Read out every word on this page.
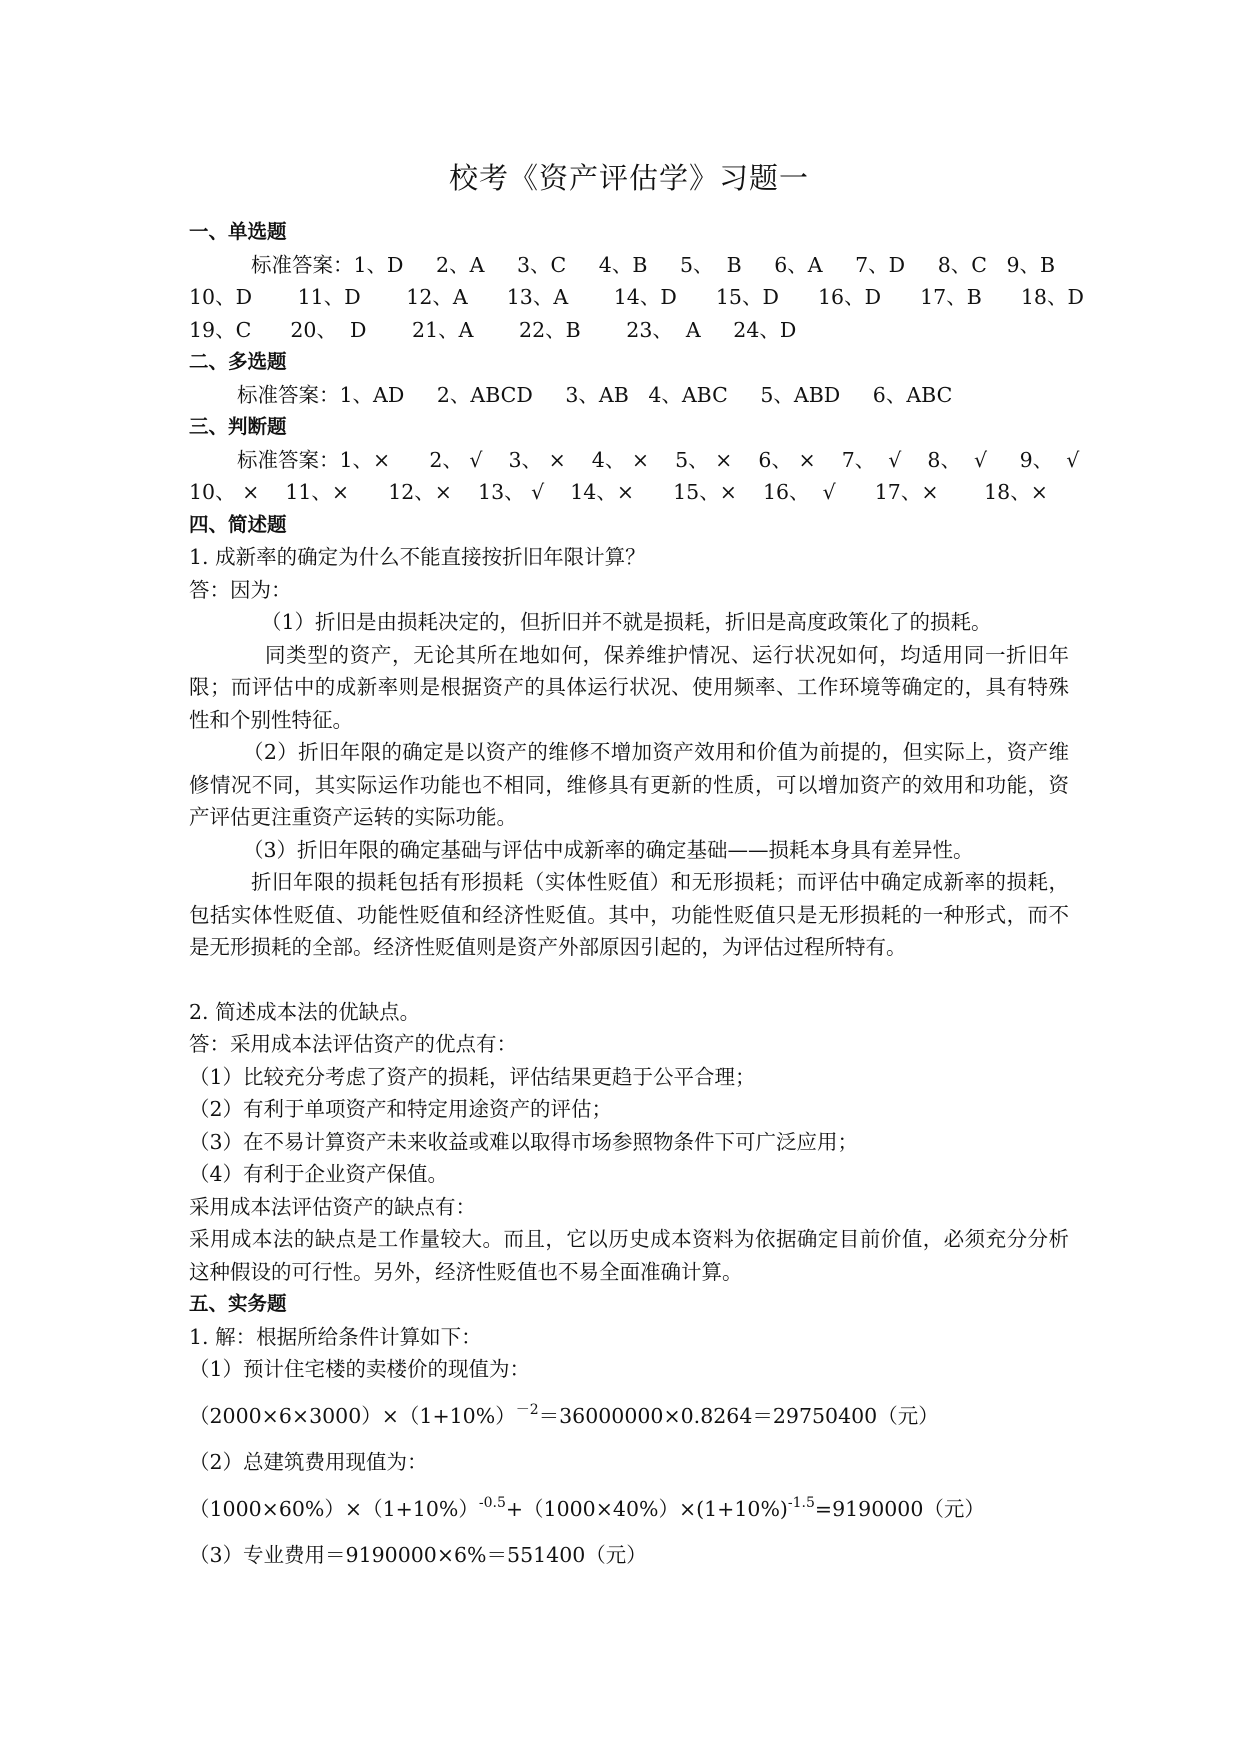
校考《资产评估学》习题一
一、单选题
标准答案：1、D     2、A     3、C     4、B     5、  B     6、A     7、D     8、C   9、B
10、D       11、D       12、A      13、A       14、D      15、D      16、D      17、B      18、D
19、C      20、  D       21、A       22、B       23、  A     24、D
二、多选题
标准答案：1、AD     2、ABCD     3、AB   4、ABC     5、ABD     6、ABC
三、判断题
标准答案：1、×      2、 √    3、 ×    4、 ×    5、 ×    6、 ×    7、  √    8、  √     9、  √
10、 ×    11、×      12、×    13、 √    14、×      15、×    16、  √      17、×       18、×
四、简述题
1. 成新率的确定为什么不能直接按折旧年限计算？
答：因为：
（1）折旧是由损耗决定的，但折旧并不就是损耗，折旧是高度政策化了的损耗。
同类型的资产，无论其所在地如何，保养维护情况、运行状况如何，均适用同一折旧年限；而评估中的成新率则是根据资产的具体运行状况、使用频率、工作环境等确定的，具有特殊性和个别性特征。
（2）折旧年限的确定是以资产的维修不增加资产效用和价值为前提的，但实际上，资产维修情况不同，其实际运作功能也不相同，维修具有更新的性质，可以增加资产的效用和功能，资产评估更注重资产运转的实际功能。
（3）折旧年限的确定基础与评估中成新率的确定基础——损耗本身具有差异性。
折旧年限的损耗包括有形损耗（实体性贬值）和无形损耗；而评估中确定成新率的损耗，包括实体性贬值、功能性贬值和经济性贬值。其中，功能性贬值只是无形损耗的一种形式，而不是无形损耗的全部。经济性贬值则是资产外部原因引起的，为评估过程所特有。
2. 简述成本法的优缺点。
答：采用成本法评估资产的优点有：
（1）比较充分考虑了资产的损耗，评估结果更趋于公平合理；
（2）有利于单项资产和特定用途资产的评估；
（3）在不易计算资产未来收益或难以取得市场参照物条件下可广泛应用；
（4）有利于企业资产保值。
采用成本法评估资产的缺点有：
采用成本法的缺点是工作量较大。而且，它以历史成本资料为依据确定目前价值，必须充分分析这种假设的可行性。另外，经济性贬值也不易全面准确计算。
五、实务题
1. 解：根据所给条件计算如下：
（1）预计住宅楼的卖楼价的现值为：
$(2000\times 6\times 3000)\times(1+10\%)^{-2}=36000000\times 0.8264=29750400$（元）
（2）总建筑费用现值为：
$(1000\times 60\%)\times(1+10\%)^{-0.5}+(1000\times 40\%)\times(1+10\%)^{-1.5}=9190000$（元）
（3）专业费用＝9190000×6%＝551400（元）
